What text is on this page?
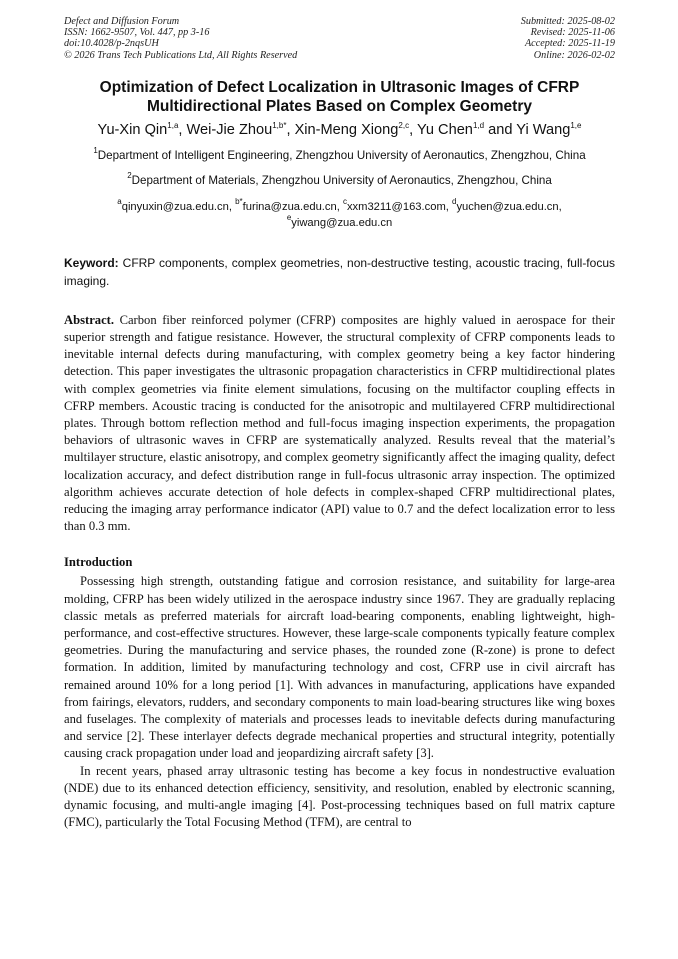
Defect and Diffusion Forum
ISSN: 1662-9507, Vol. 447, pp 3-16
doi:10.4028/p-2nqsUH
© 2026 Trans Tech Publications Ltd, All Rights Reserved
Submitted: 2025-08-02
Revised: 2025-11-06
Accepted: 2025-11-19
Online: 2026-02-02
Optimization of Defect Localization in Ultrasonic Images of CFRP
Multidirectional Plates Based on Complex Geometry
Yu-Xin Qin$^{1,a}$, Wei-Jie Zhou$^{1,b*}$, Xin-Meng Xiong$^{2,c}$, Yu Chen$^{1,d}$ and Yi Wang$^{1,e}$
$^1$Department of Intelligent Engineering, Zhengzhou University of Aeronautics, Zhengzhou, China
$^2$Department of Materials, Zhengzhou University of Aeronautics, Zhengzhou, China
$^a$qinyuxin@zua.edu.cn, $^{b*}$furina@zua.edu.cn, $^c$xxm3211@163.com, $^d$yuchen@zua.edu.cn,
$^e$yiwang@zua.edu.cn
Keyword: CFRP components, complex geometries, non-destructive testing, acoustic tracing, full-focus imaging.
Abstract. Carbon fiber reinforced polymer (CFRP) composites are highly valued in aerospace for their superior strength and fatigue resistance. However, the structural complexity of CFRP components leads to inevitable internal defects during manufacturing, with complex geometry being a key factor hindering detection. This paper investigates the ultrasonic propagation characteristics in CFRP multidirectional plates with complex geometries via finite element simulations, focusing on the multifactor coupling effects in CFRP members. Acoustic tracing is conducted for the anisotropic and multilayered CFRP multidirectional plates. Through bottom reflection method and full-focus imaging inspection experiments, the propagation behaviors of ultrasonic waves in CFRP are systematically analyzed. Results reveal that the material’s multilayer structure, elastic anisotropy, and complex geometry significantly affect the imaging quality, defect localization accuracy, and defect distribution range in full-focus ultrasonic array inspection. The optimized algorithm achieves accurate detection of hole defects in complex-shaped CFRP multidirectional plates, reducing the imaging array performance indicator (API) value to 0.7 and the defect localization error to less than 0.3 mm.
Introduction
Possessing high strength, outstanding fatigue and corrosion resistance, and suitability for large-area molding, CFRP has been widely utilized in the aerospace industry since 1967. They are gradually replacing classic metals as preferred materials for aircraft load-bearing components, enabling lightweight, high-performance, and cost-effective structures. However, these large-scale components typically feature complex geometries. During the manufacturing and service phases, the rounded zone (R-zone) is prone to defect formation. In addition, limited by manufacturing technology and cost, CFRP use in civil aircraft has remained around 10% for a long period [1]. With advances in manufacturing, applications have expanded from fairings, elevators, rudders, and secondary components to main load-bearing structures like wing boxes and fuselages. The complexity of materials and processes leads to inevitable defects during manufacturing and service [2]. These interlayer defects degrade mechanical properties and structural integrity, potentially causing crack propagation under load and jeopardizing aircraft safety [3].
In recent years, phased array ultrasonic testing has become a key focus in nondestructive evaluation (NDE) due to its enhanced detection efficiency, sensitivity, and resolution, enabled by electronic scanning, dynamic focusing, and multi-angle imaging [4]. Post-processing techniques based on full matrix capture (FMC), particularly the Total Focusing Method (TFM), are central to
